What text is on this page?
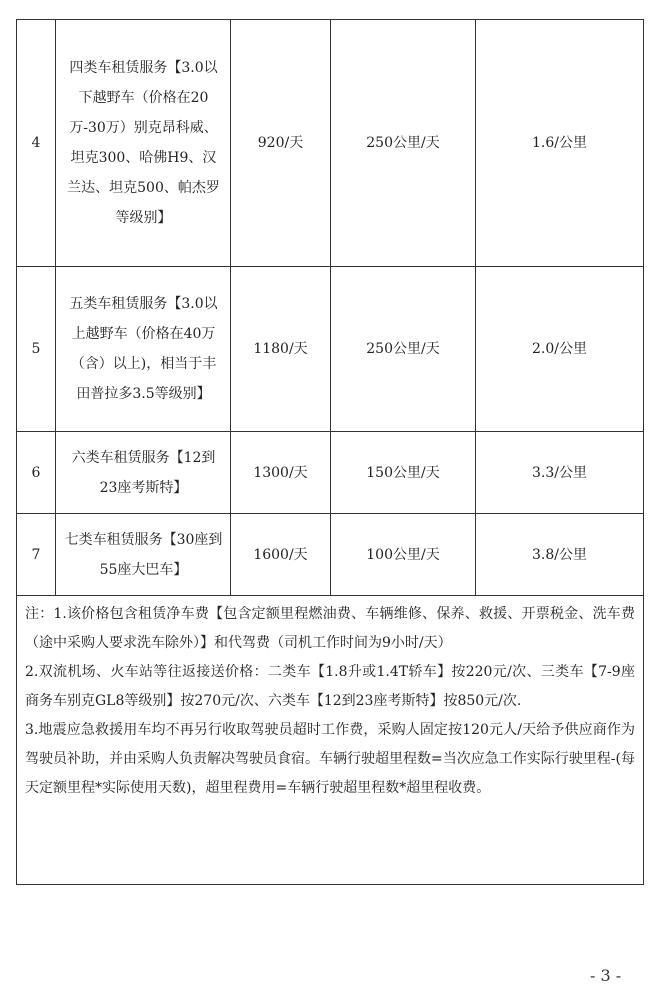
4	四类车租赁服务【3.0以下越野车（价格在20万-30万）别克昂科威、坦克300、哈佛H9、汉兰达、坦克500、帕杰罗等级别】	920/天	250公里/天	1.6/公里
5	五类车租赁服务【3.0以上越野车（价格在40万（含）以上)，相当于丰田普拉多3.5等级别】	1180/天	250公里/天	2.0/公里
6	六类车租赁服务【12到23座考斯特】	1300/天	150公里/天	3.3/公里
7	七类车租赁服务【30座到55座大巴车】	1600/天	100公里/天	3.8/公里

注：1.该价格包含租赁净车费【包含定额里程燃油费、车辆维修、保养、救援、开票税金、洗车费（途中采购人要求洗车除外）】和代驾费（司机工作时间为9小时/天）

2.双流机场、火车站等往返接送价格：二类车【1.8升或1.4T轿车】按220元/次、三类车【7-9座商务车别克GL8等级别】按270元/次、六类车【12到23座考斯特】按850元/次.

3.地震应急救援用车均不再另行收取驾驶员超时工作费，采购人固定按120元人/天给予供应商作为驾驶员补助，并由采购人负责解决驾驶员食宿。车辆行驶超里程数=当次应急工作实际行驶里程-(每天定额里程*实际使用天数)，超里程费用=车辆行驶超里程数*超里程收费。				

- 3 -
